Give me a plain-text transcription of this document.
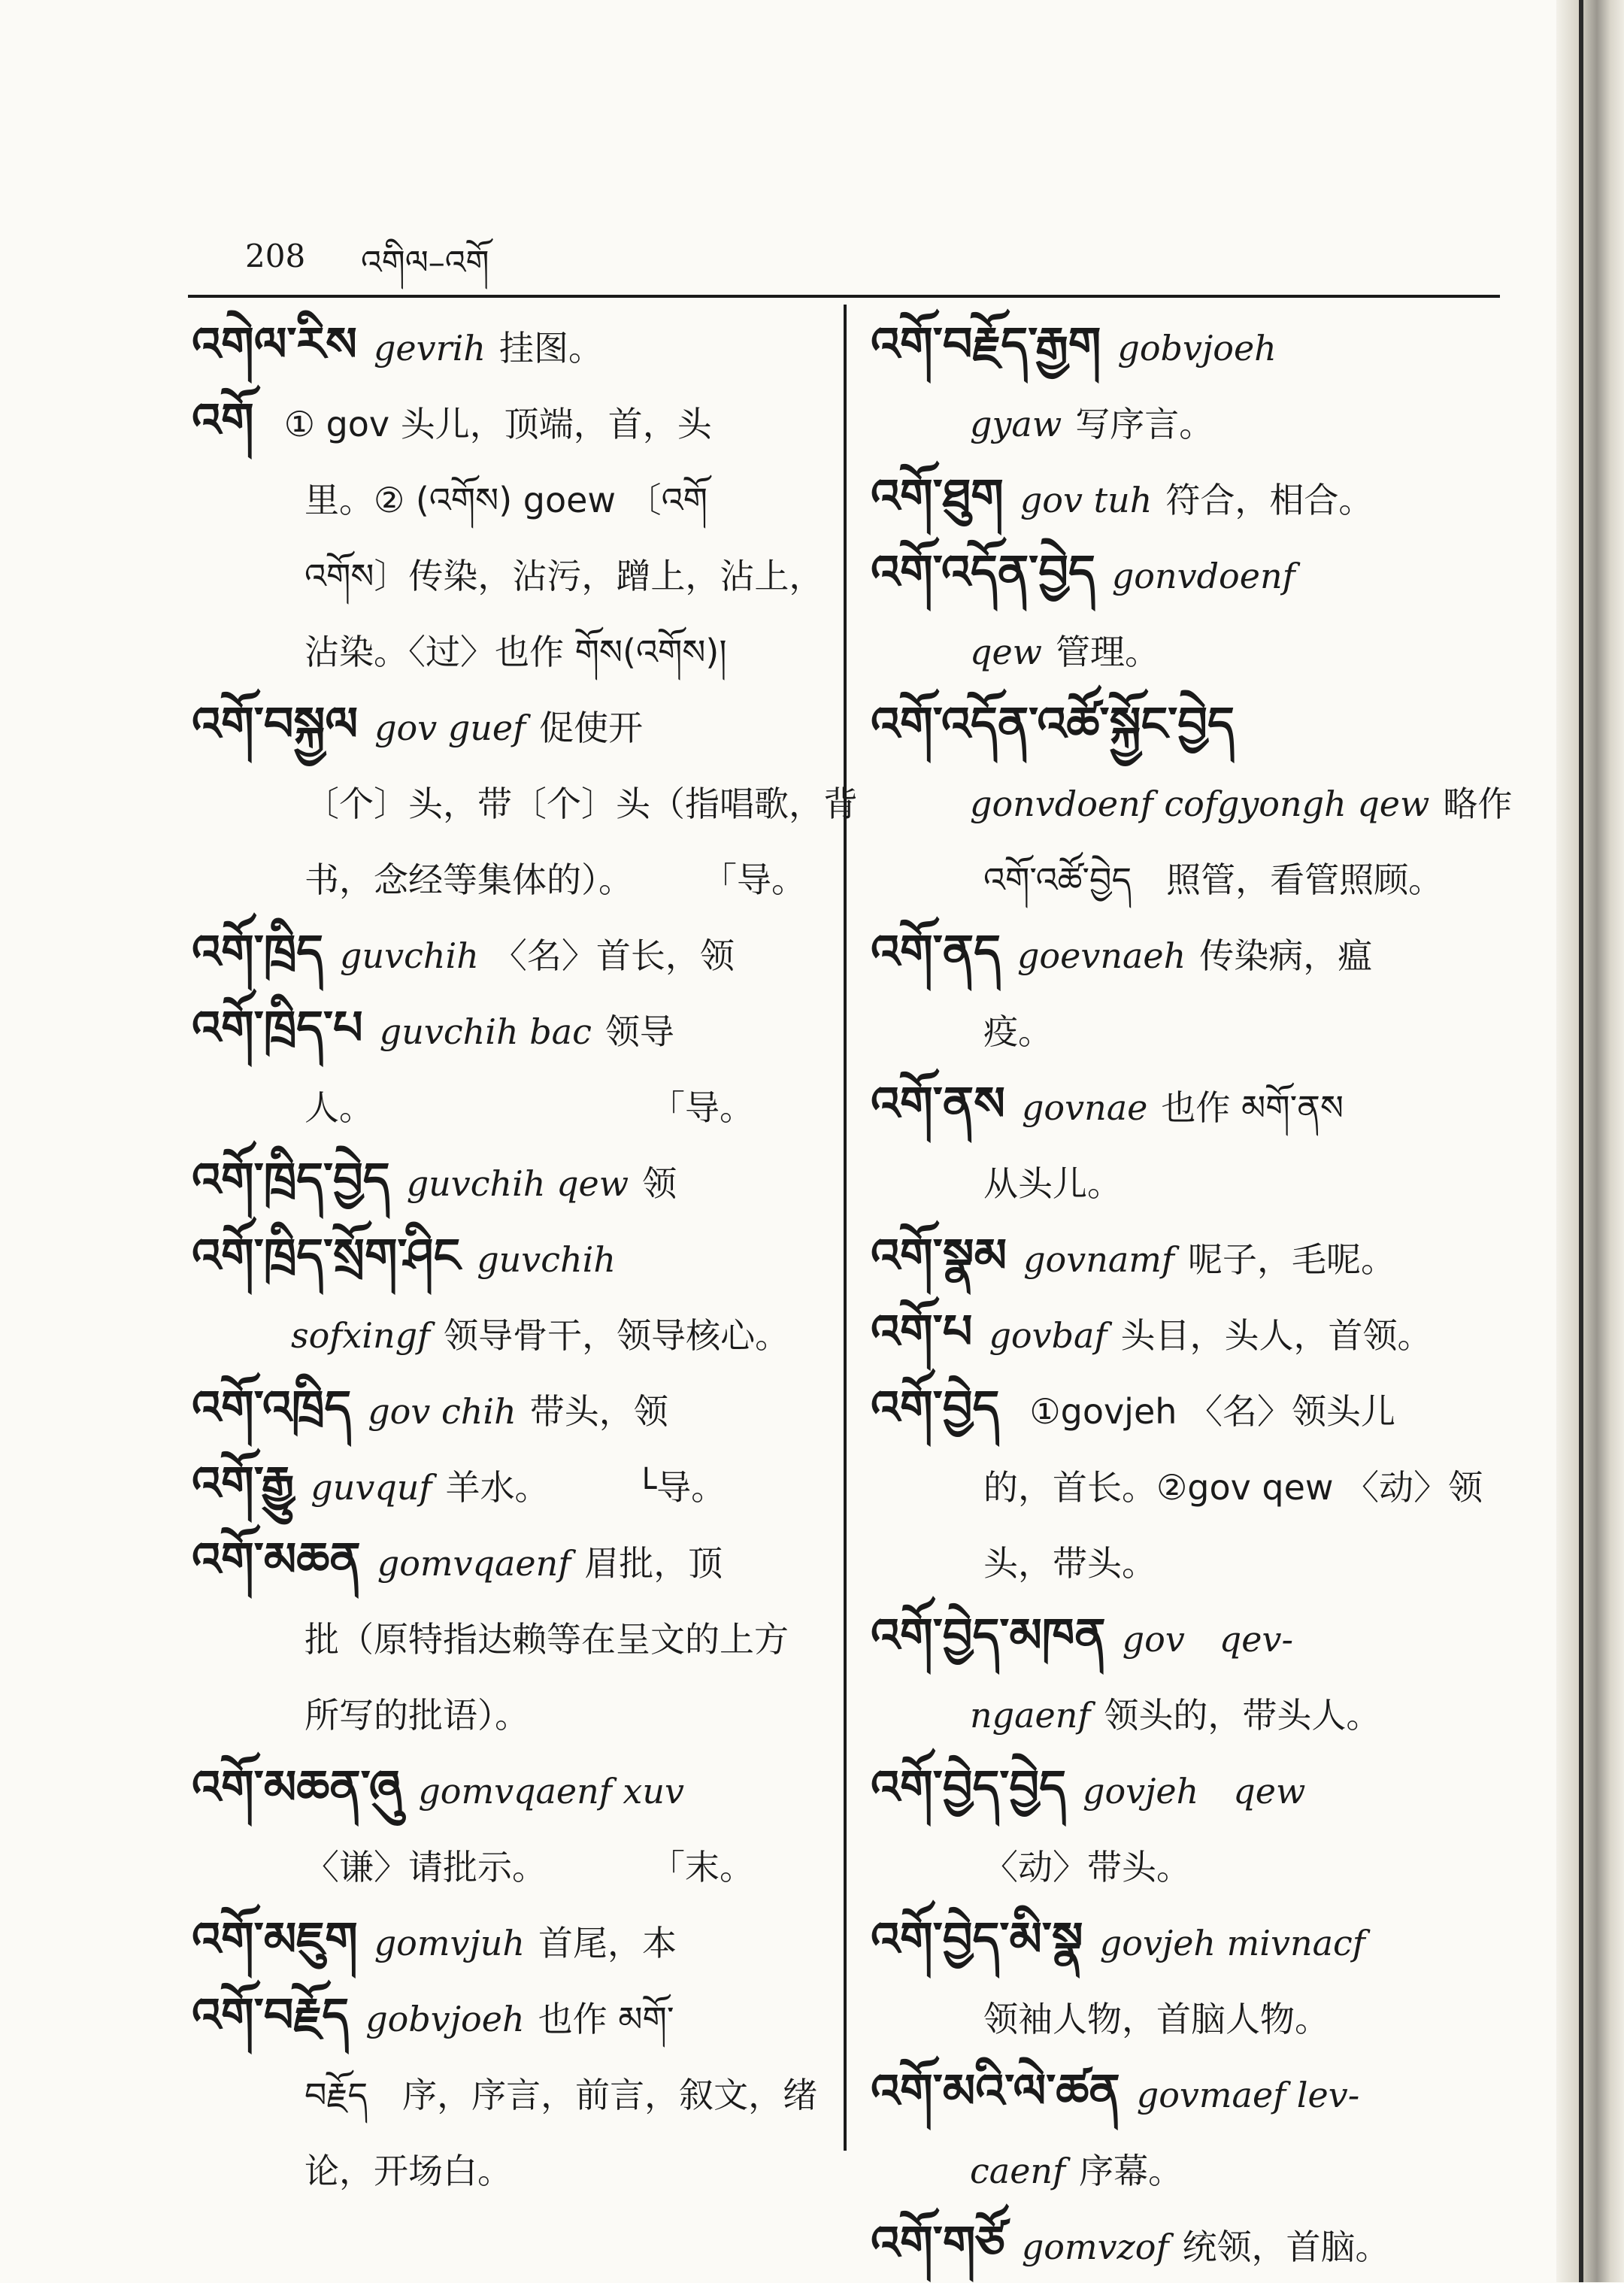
208 འགིལ–འགོ
འགེལ་རིས gevrih 挂图。
འགོ ① gov 头儿，顶端，首，头
里。② (འགོས) goew 〔འགོ
འགོས〕传染，沾污，蹭上，沾上，
沾染。〈过〉也作 གོས(འགོས)།
འགོ་བསྐྱལ gov guef 促使开
〔个〕头，带〔个〕头（指唱歌，背
书，念经等集体的）。　　　「导。
འགོ་ཁྲིད guvchih 〈名〉首长，领
འགོ་ཁྲིད་པ guvchih bac 领导
人。　　　　　　　　　「导。
འགོ་ཁྲིད་བྱེད guvchih qew 领
འགོ་ཁྲིད་སྲོག་ཤིང guvchih
sofxingf 领导骨干，领导核心。
འགོ་འཁྲིད gov chih 带头，领
འགོ་རྒྱུ guvquf 羊水。　　　└导。
འགོ་མཆན gomvqaenf 眉批，顶
批（原特指达赖等在呈文的上方
所写的批语）。
འགོ་མཆན་ཞུ gomvqaenf xuv
〈谦〉请批示。　　　　「末。
འགོ་མཇུག gomvjuh 首尾，本
འགོ་བརྗོད gobvjoeh 也作 མགོ་
བརྗོད　序，序言，前言，叙文，绪
论，开场白。
འགོ་བརྗོད་རྒྱག gobvjoeh
gyaw 写序言。
འགོ་ཐུག gov tuh 符合，相合。
འགོ་འདོན་བྱེད gonvdoenf
qew 管理。
འགོ་འདོན་འཚོ་སྐྱོང་བྱེད
gonvdoenf cofgyongh qew 略作
འགོ་འཚོ་བྱེད　照管，看管照顾。
འགོ་ནད goevnaeh 传染病，瘟
疫。
འགོ་ནས govnae 也作 མགོ་ནས
从头儿。
འགོ་སྣམ govnamf 呢子，毛呢。
འགོ་པ govbaf 头目，头人，首领。
འགོ་བྱེད ①govjeh 〈名〉领头儿
的，首长。②gov qew 〈动〉领
头，带头。
འགོ་བྱེད་མཁན gov　qev-
ngaenf 领头的，带头人。
འགོ་བྱེད་བྱེད govjeh　qew
〈动〉带头。
འགོ་བྱེད་མི་སྣ govjeh mivnacf
领袖人物，首脑人物。
འགོ་མའི་ལེ་ཚན govmaef lev-
caenf 序幕。
འགོ་གཙོ gomvzof 统领，首脑。
